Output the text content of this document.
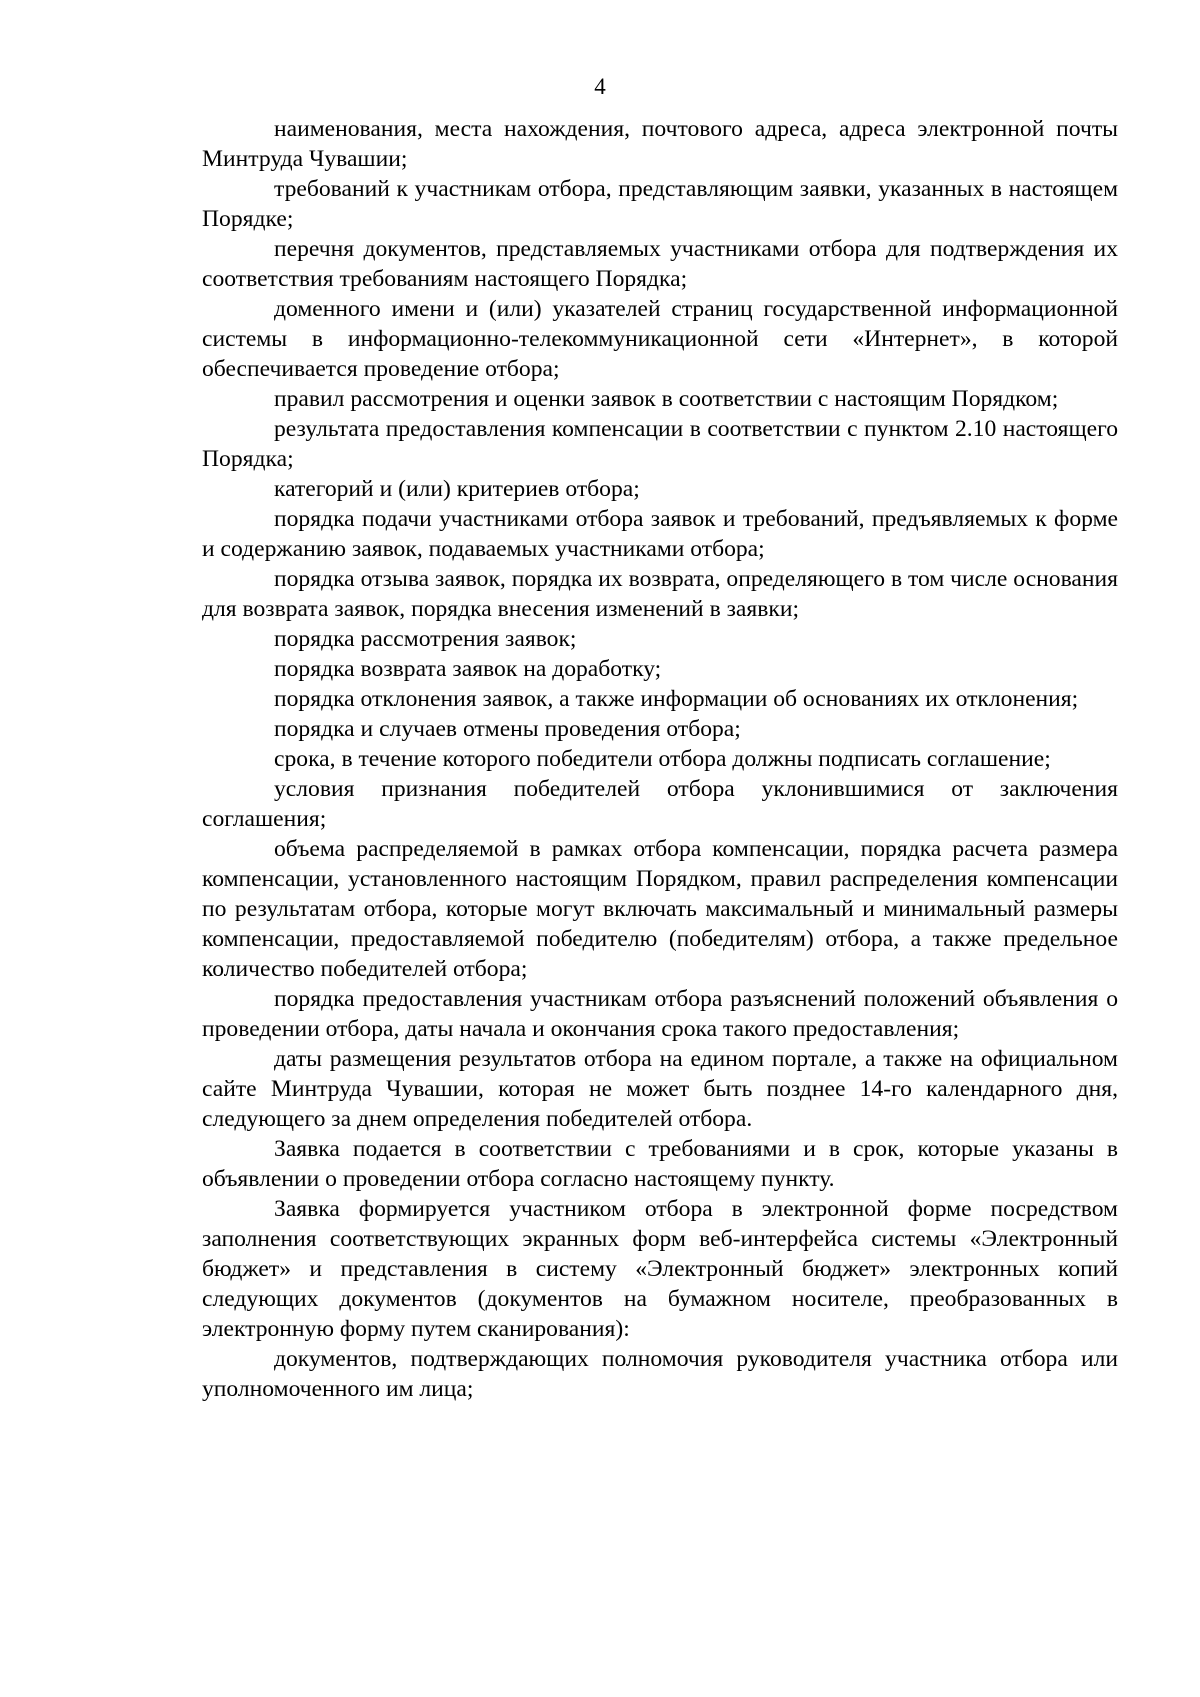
4

наименования, места нахождения, почтового адреса, адреса электронной почты Минтруда Чувашии;

требований к участникам отбора, представляющим заявки, указанных в настоящем Порядке;

перечня документов, представляемых участниками отбора для подтверждения их соответствия требованиям настоящего Порядка;

доменного имени и (или) указателей страниц государственной информационной системы в информационно-телекоммуникационной сети «Интернет», в которой обеспечивается проведение отбора;

правил рассмотрения и оценки заявок в соответствии с настоящим Порядком;

результата предоставления компенсации в соответствии с пунктом 2.10 настоящего Порядка;

категорий и (или) критериев отбора;

порядка подачи участниками отбора заявок и требований, предъявляемых к форме и содержанию заявок, подаваемых участниками отбора;

порядка отзыва заявок, порядка их возврата, определяющего в том числе основания для возврата заявок, порядка внесения изменений в заявки;

порядка рассмотрения заявок;

порядка возврата заявок на доработку;

порядка отклонения заявок, а также информации об основаниях их отклонения;

порядка и случаев отмены проведения отбора;

срока, в течение которого победители отбора должны подписать соглашение;

условия признания победителей отбора уклонившимися от заключения соглашения;

объема распределяемой в рамках отбора компенсации, порядка расчета размера компенсации, установленного настоящим Порядком, правил распределения компенсации по результатам отбора, которые могут включать максимальный и минимальный размеры компенсации, предоставляемой победителю (победителям) отбора, а также предельное количество победителей отбора;

порядка предоставления участникам отбора разъяснений положений объявления о проведении отбора, даты начала и окончания срока такого предоставления;

даты размещения результатов отбора на едином портале, а также на официальном сайте Минтруда Чувашии, которая не может быть позднее 14-го календарного дня, следующего за днем определения победителей отбора.

Заявка подается в соответствии с требованиями и в срок, которые указаны в объявлении о проведении отбора согласно настоящему пункту.

Заявка формируется участником отбора в электронной форме посредством заполнения соответствующих экранных форм веб-интерфейса системы «Электронный бюджет» и представления в систему «Электронный бюджет» электронных копий следующих документов (документов на бумажном носителе, преобразованных в электронную форму путем сканирования):

документов, подтверждающих полномочия руководителя участника отбора или уполномоченного им лица;
